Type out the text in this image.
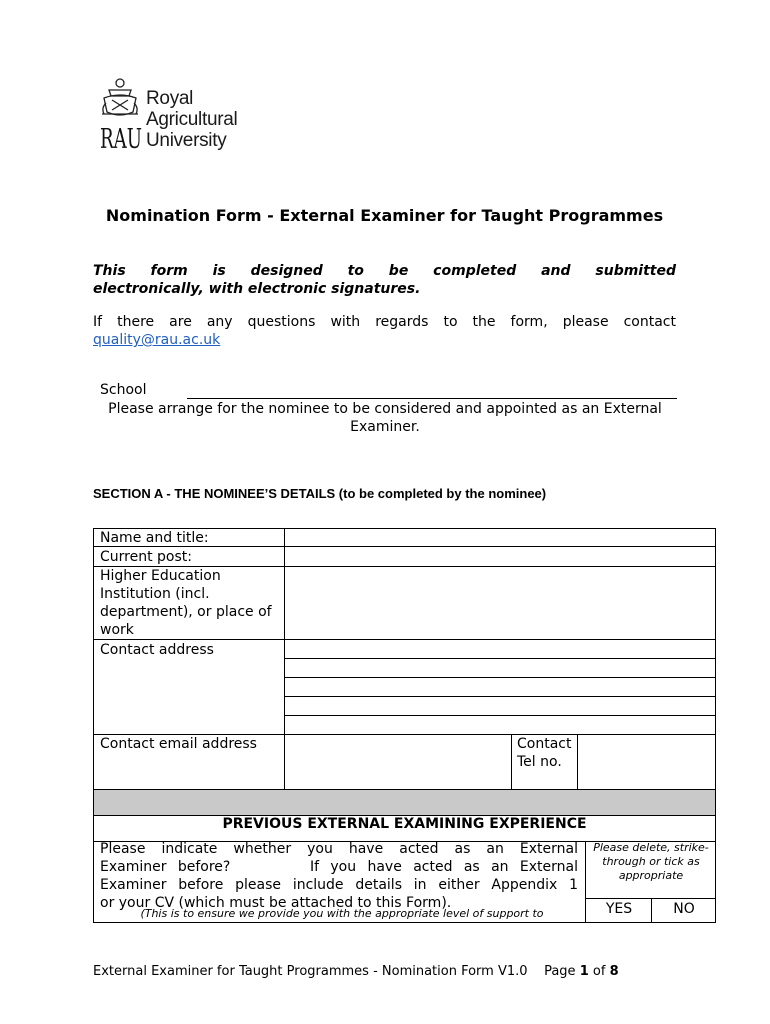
RAU
Royal
Agricultural
University
Nomination Form - External Examiner for Taught Programmes
This form is designed to be completed and submitted
electronically, with electronic signatures.
If there are any questions with regards to the form, please contact
quality@rau.ac.uk
School
Please arrange for the nominee to be considered and appointed as an External Examiner.
SECTION A - THE NOMINEE’S DETAILS (to be completed by the nominee)
Name and title:
Current post:
Higher Education Institution (incl. department), or place of work
Contact address
Contact email address	Contact Tel no.
PREVIOUS EXTERNAL EXAMINING EXPERIENCE
Please indicate whether you have acted as an External
Examiner before?       If you have acted as an External
Examiner before please include details in either Appendix 1
or your CV (which must be attached to this Form).
(This is to ensure we provide you with the appropriate level of support to
Please delete, strike-through or tick as appropriate
YES	NO
External Examiner for Taught Programmes - Nomination Form V1.0 Page 1 of 8
